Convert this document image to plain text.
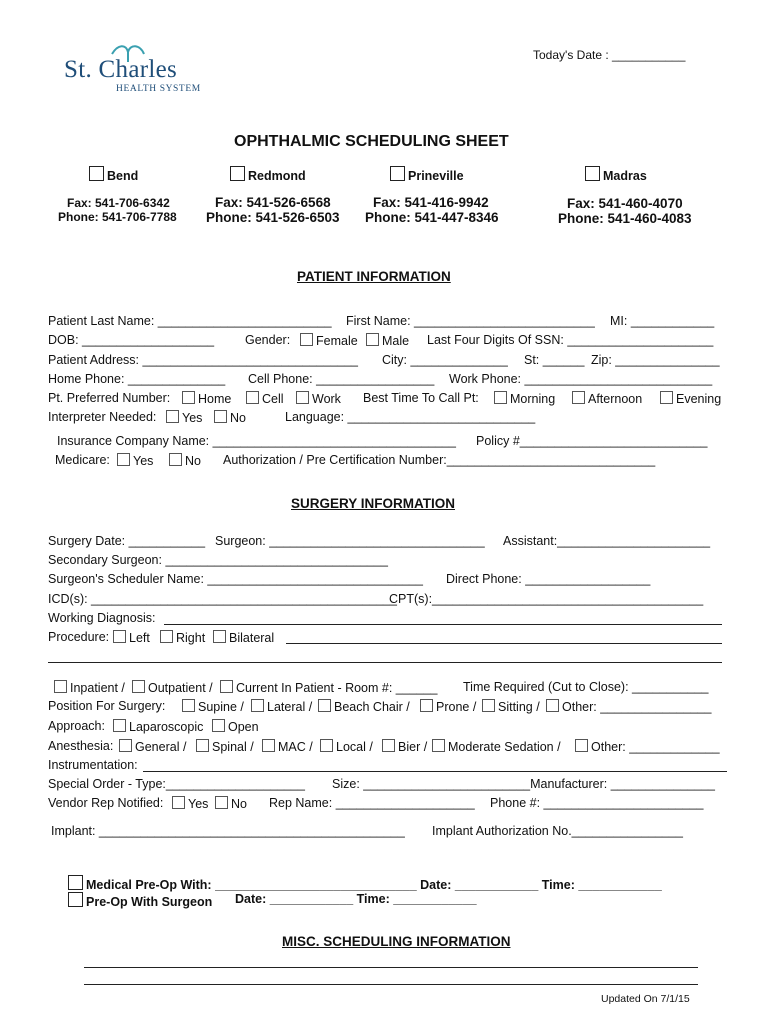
St. Charles
HEALTH SYSTEM
Today's Date : ___________
OPHTHALMIC SCHEDULING SHEET
Bend	Redmond	Prineville	Madras
Fax: 541-706-6342
Phone: 541-706-7788
Fax: 541-526-6568
Phone: 541-526-6503
Fax: 541-416-9942
Phone: 541-447-8346
Fax: 541-460-4070
Phone: 541-460-4083
PATIENT INFORMATION
Patient Last Name: _________________________ First Name: __________________________ MI: ____________
DOB: ___________________ Gender:	Female	Male Last Four Digits Of SSN: _____________________
Patient Address: _______________________________ City: ______________ St: ______ Zip: _______________
Home Phone: ______________ Cell Phone: _________________ Work Phone: ___________________________
Pt. Preferred Number:	Home	Cell	Work Best Time To Call Pt:	Morning	Afternoon	Evening
Interpreter Needed:	Yes	No	Language: ___________________________
Insurance Company Name: ___________________________________ Policy #___________________________
Medicare:	Yes	No Authorization / Pre Certification Number:______________________________
SURGERY INFORMATION
Surgery Date: ___________ Surgeon: _______________________________ Assistant:______________________
Secondary Surgeon: ________________________________
Surgeon's Scheduler Name: _______________________________ Direct Phone: __________________
ICD(s): ____________________________________________
CPT(s):_______________________________________
Working Diagnosis:
Procedure:	Left	Right	Bilateral
Inpatient /	Outpatient /	Current In Patient - Room #: ______ Time Required (Cut to Close): ___________
Position For Surgery:	Supine /	Lateral /	Beach Chair /	Prone /	Sitting /	Other: ________________
Approach:	Laparoscopic	Open
Anesthesia:	General /	Spinal /	MAC /	Local /	Bier /	Moderate Sedation /	Other: _____________
Instrumentation:
Special Order - Type:____________________ Size: ________________________Manufacturer: _______________
Vendor Rep Notified:	Yes	No Rep Name: ____________________ Phone #: _______________________
Implant: ____________________________________________ Implant Authorization No.________________
Medical Pre-Op With: _____________________________ Date: ____________ Time: ____________
Pre-Op With Surgeon Date: ____________ Time: ____________
MISC. SCHEDULING INFORMATION
Updated On 7/1/15
